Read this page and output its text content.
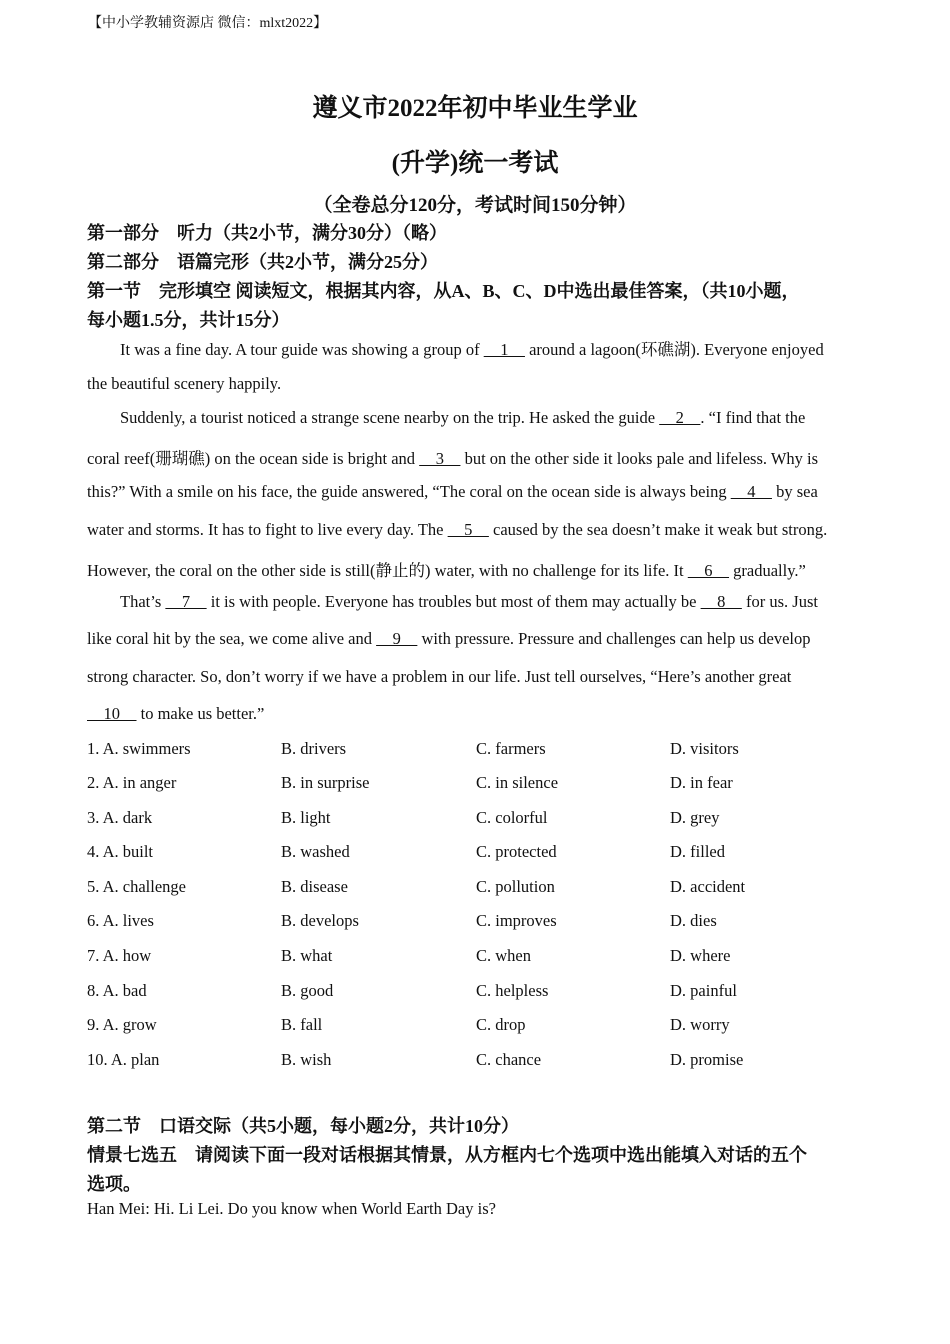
【中小学教辅资源店 微信：mlxt2022】
遵义市2022年初中毕业生学业
(升学)统一考试
（全卷总分120分，考试时间150分钟）
第一部分　听力（共2小节，满分30分）（略）
第二部分　语篇完形（共2小节，满分25分）
第一节　完形填空 阅读短文，根据其内容，从A、B、C、D中选出最佳答案，（共10小题，
每小题1.5分，共计15分）
It was a fine day. A tour guide was showing a group of     1     around a lagoon(环礁湖). Everyone enjoyed
the beautiful scenery happily.
Suddenly, a tourist noticed a strange scene nearby on the trip. He asked the guide     2    . “I find that the
coral reef(珊瑚礁) on the ocean side is bright and     3     but on the other side it looks pale and lifeless. Why is
this?” With a smile on his face, the guide answered, “The coral on the ocean side is always being     4     by sea
water and storms. It has to fight to live every day. The     5     caused by the sea doesn’t make it weak but strong.
However, the coral on the other side is still(静止的) water, with no challenge for its life. It     6     gradually.”
That’s     7     it is with people. Everyone has troubles but most of them may actually be     8     for us. Just
like coral hit by the sea, we come alive and     9     with pressure. Pressure and challenges can help us develop
strong character. So, don’t worry if we have a problem in our life. Just tell ourselves, “Here’s another great
10     to make us better.”
1. A. swimmers	B. drivers	C. farmers	D. visitors
2. A. in anger	B. in surprise	C. in silence	D. in fear
3. A. dark	B. light	C. colorful	D. grey
4. A. built	B. washed	C. protected	D. filled
5. A. challenge	B. disease	C. pollution	D. accident
6. A. lives	B. develops	C. improves	D. dies
7. A. how	B. what	C. when	D. where
8. A. bad	B. good	C. helpless	D. painful
9. A. grow	B. fall	C. drop	D. worry
10. A. plan	B. wish	C. chance	D. promise
第二节　口语交际（共5小题，每小题2分，共计10分）
情景七选五　请阅读下面一段对话根据其情景，从方框内七个选项中选出能填入对话的五个
选项。
Han Mei: Hi. Li Lei. Do you know when World Earth Day is?
